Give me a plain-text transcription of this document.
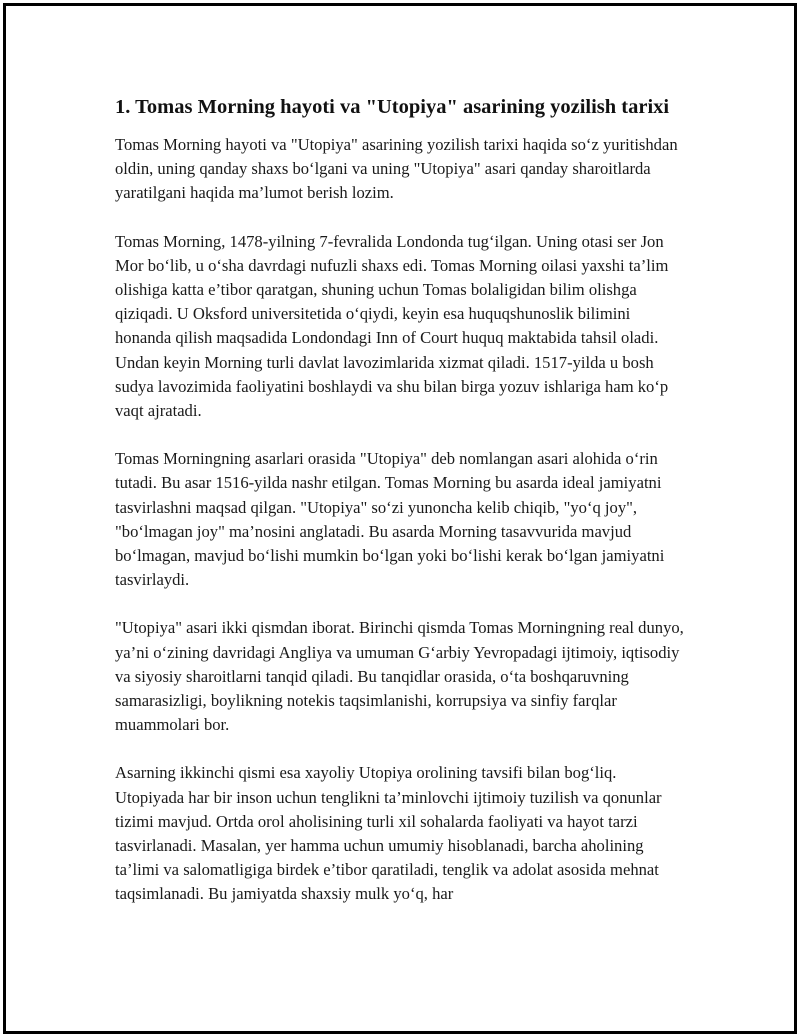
1. Tomas Morning hayoti va "Utopiya" asarining yozilish tarixi

Tomas Morning hayoti va "Utopiya" asarining yozilish tarixi haqida so‘z yuritishdan oldin, uning qanday shaxs bo‘lgani va uning "Utopiya" asari qanday sharoitlarda yaratilgani haqida ma’lumot berish lozim.

Tomas Morning, 1478-yilning 7-fevralida Londonda tug‘ilgan. Uning otasi ser Jon Mor bo‘lib, u o‘sha davrdagi nufuzli shaxs edi. Tomas Morning oilasi yaxshi ta’lim olishiga katta e’tibor qaratgan, shuning uchun Tomas bolaligidan bilim olishga qiziqadi. U Oksford universitetida o‘qiydi, keyin esa huquqshunoslik bilimini honanda qilish maqsadida Londondagi Inn of Court huquq maktabida tahsil oladi. Undan keyin Morning turli davlat lavozimlarida xizmat qiladi. 1517-yilda u bosh sudya lavozimida faoliyatini boshlaydi va shu bilan birga yozuv ishlariga ham ko‘p vaqt ajratadi.

Tomas Morningning asarlari orasida "Utopiya" deb nomlangan asari alohida o‘rin tutadi. Bu asar 1516-yilda nashr etilgan. Tomas Morning bu asarda ideal jamiyatni tasvirlashni maqsad qilgan. "Utopiya" so‘zi yunoncha kelib chiqib, "yo‘q joy", "bo‘lmagan joy" ma’nosini anglatadi. Bu asarda Morning tasavvurida mavjud bo‘lmagan, mavjud bo‘lishi mumkin bo‘lgan yoki bo‘lishi kerak bo‘lgan jamiyatni tasvirlaydi.

"Utopiya" asari ikki qismdan iborat. Birinchi qismda Tomas Morningning real dunyo, ya’ni o‘zining davridagi Angliya va umuman G‘arbiy Yevropadagi ijtimoiy, iqtisodiy va siyosiy sharoitlarni tanqid qiladi. Bu tanqidlar orasida, o‘ta boshqaruvning samarasizligi, boylikning notekis taqsimlanishi, korrupsiya va sinfiy farqlar muammolari bor.

Asarning ikkinchi qismi esa xayoliy Utopiya orolining tavsifi bilan bog‘liq. Utopiyada har bir inson uchun tenglikni ta’minlovchi ijtimoiy tuzilish va qonunlar tizimi mavjud. Ortda orol aholisining turli xil sohalarda faoliyati va hayot tarzi tasvirlanadi. Masalan, yer hamma uchun umumiy hisoblanadi, barcha aholining ta’limi va salomatligiga birdek e’tibor qaratiladi, tenglik va adolat asosida mehnat taqsimlanadi. Bu jamiyatda shaxsiy mulk yo‘q, har
